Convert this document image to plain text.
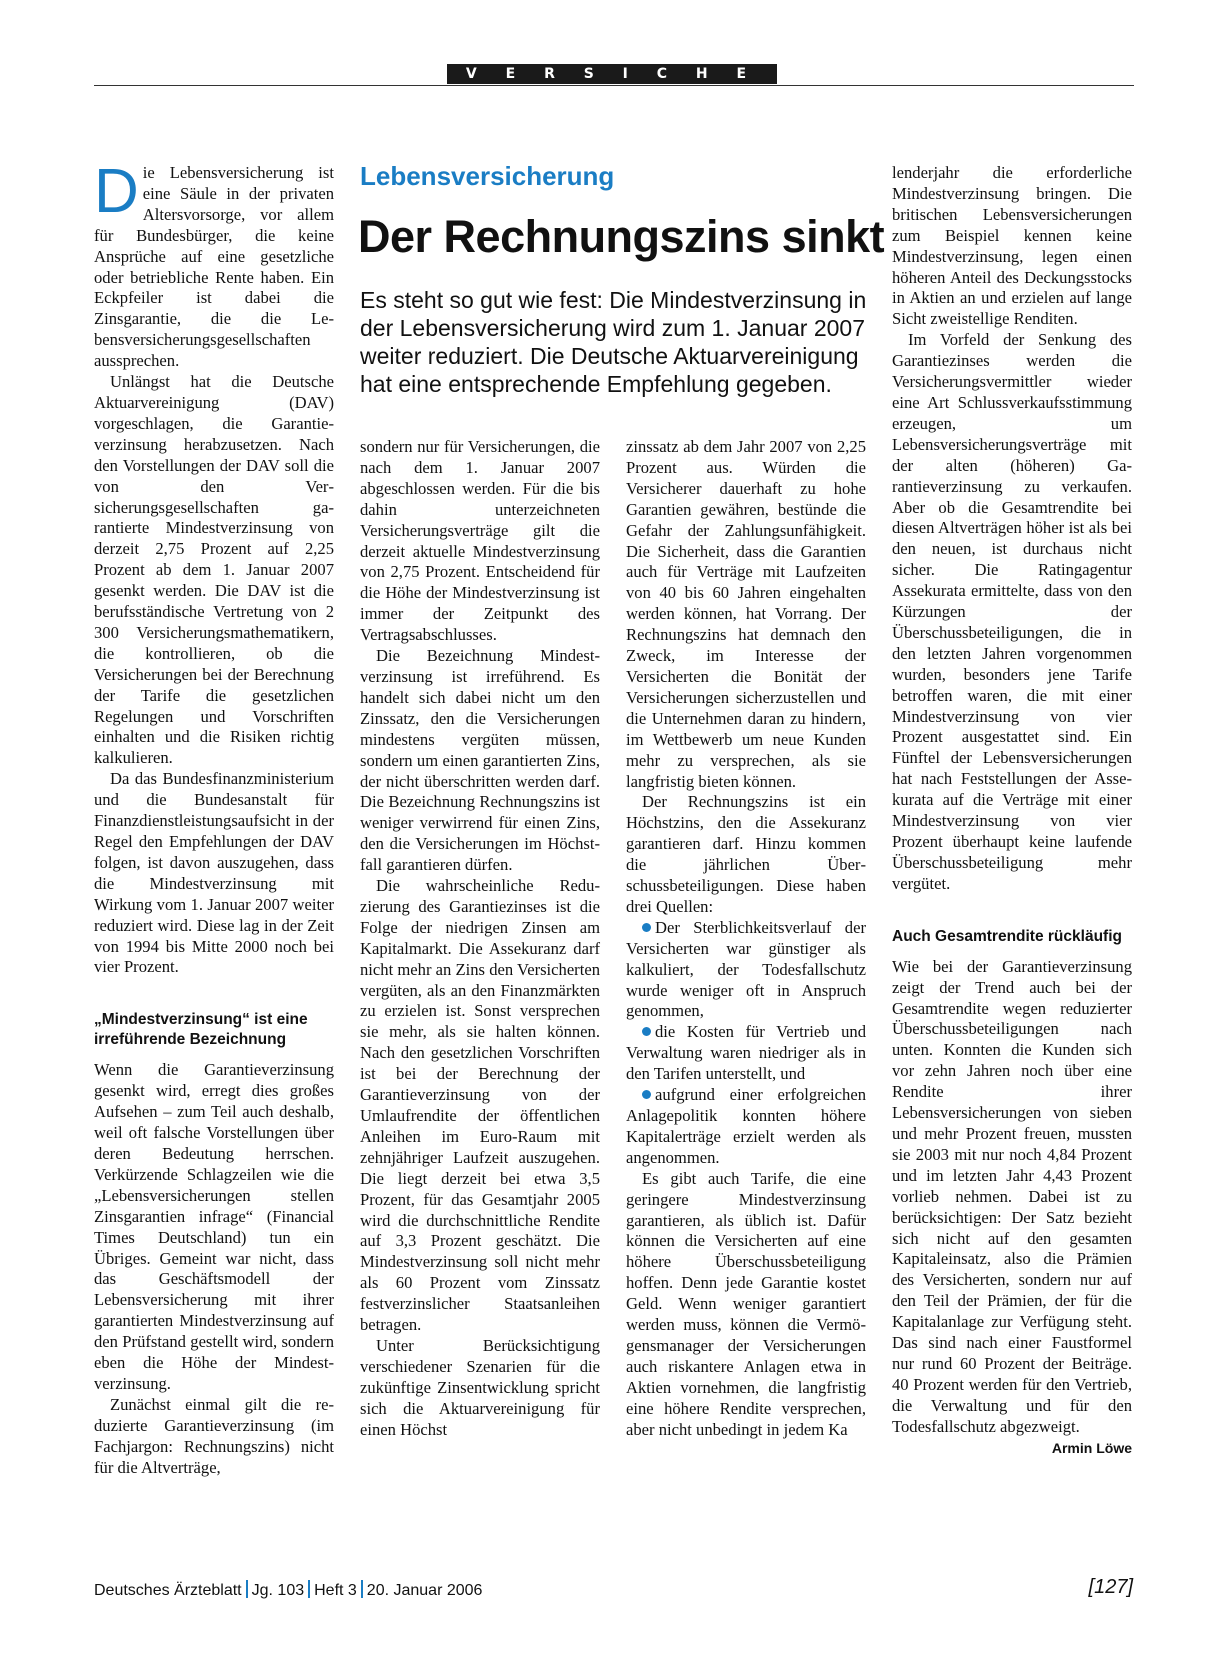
V E R S I C H E R U N G E N
Lebensversicherung
Der Rechnungszins sinkt
Es steht so gut wie fest: Die Mindestverzinsung in der Lebensversicherung wird zum 1. Januar 2007 weiter reduziert. Die Deutsche Aktuarvereinigung hat eine entsprechende Empfehlung gegeben.

Die Lebensversicherung ist eine Säule in der privaten Altersvorsorge, vor allem für Bundesbürger, die keine Ansprüche auf eine gesetzliche oder betriebliche Rente haben. Ein Eckpfeiler ist dabei die Zinsgarantie, die die Lebensversicherungsgesellschaften aussprechen.

Unlängst hat die Deutsche Aktuarvereinigung (DAV) vorgeschlagen, die Garantieverzinsung herabzusetzen. Nach den Vorstellungen der DAV soll die von den Versicherungsgesellschaften garantierte Mindestverzinsung von derzeit 2,75 Prozent auf 2,25 Prozent ab dem 1. Januar 2007 gesenkt werden. Die DAV ist die berufsständische Vertretung von 2 300 Versicherungsmathematikern, die kontrollieren, ob die Versicherungen bei der Berechnung der Tarife die gesetzlichen Regelungen und Vorschriften einhalten und die Risiken richtig kalkulieren.

Da das Bundesfinanzministerium und die Bundesanstalt für Finanzdienstleistungsaufsicht in der Regel den Empfehlungen der DAV folgen, ist davon auszugehen, dass die Mindestverzinsung mit Wirkung vom 1. Januar 2007 weiter reduziert wird. Diese lag in der Zeit von 1994 bis Mitte 2000 noch bei vier Prozent.

„Mindestverzinsung“ ist eine irreführende Bezeichnung

Wenn die Garantieverzinsung gesenkt wird, erregt dies großes Aufsehen – zum Teil auch deshalb, weil oft falsche Vorstellungen über deren Bedeutung herrschen. Verkürzende Schlagzeilen wie die „Lebensversicherungen stellen Zinsgarantien infrage“ (Financial Times Deutschland) tun ein Übriges. Gemeint war nicht, dass das Geschäftsmodell der Lebensversicherung mit ihrer garantierten Mindestverzinsung auf den Prüfstand gestellt wird, sondern eben die Höhe der Mindestverzinsung.

Zunächst einmal gilt die reduzierte Garantieverzinsung (im Fachjargon: Rechnungszins) nicht für die Altverträge,

sondern nur für Versicherungen, die nach dem 1. Januar 2007 abgeschlossen werden. Für die bis dahin unterzeichneten Versicherungsverträge gilt die derzeit aktuelle Mindestverzinsung von 2,75 Prozent. Entscheidend für die Höhe der Mindestverzinsung ist immer der Zeitpunkt des Vertragsabschlusses.

Die Bezeichnung Mindestverzinsung ist irreführend. Es handelt sich dabei nicht um den Zinssatz, den die Versicherungen mindestens vergüten müssen, sondern um einen garantierten Zins, der nicht überschritten werden darf. Die Bezeichnung Rechnungszins ist weniger verwirrend für einen Zins, den die Versicherungen im Höchstfall garantieren dürfen.

Die wahrscheinliche Reduzierung des Garantiezinses ist die Folge der niedrigen Zinsen am Kapitalmarkt. Die Assekuranz darf nicht mehr an Zins den Versicherten vergüten, als an den Finanzmärkten zu erzielen ist. Sonst versprechen sie mehr, als sie halten können. Nach den gesetzlichen Vorschriften ist bei der Berechnung der Garantieverzinsung von der Umlaufrendite der öffentlichen Anleihen im Euro-Raum mit zehnjähriger Laufzeit auszugehen. Die liegt derzeit bei etwa 3,5 Prozent, für das Gesamtjahr 2005 wird die durchschnittliche Rendite auf 3,3 Prozent geschätzt. Die Mindestverzinsung soll nicht mehr als 60 Prozent vom Zinssatz festverzinslicher Staatsanleihen betragen.

Unter Berücksichtigung verschiedener Szenarien für die zukünftige Zinsentwicklung spricht sich die Aktuarvereinigung für einen Höchst

zinssatz ab dem Jahr 2007 von 2,25 Prozent aus. Würden die Versicherer dauerhaft zu hohe Garantien gewähren, bestünde die Gefahr der Zahlungsunfähigkeit. Die Sicherheit, dass die Garantien auch für Verträge mit Laufzeiten von 40 bis 60 Jahren eingehalten werden können, hat Vorrang. Der Rechnungszins hat demnach den Zweck, im Interesse der Versicherten die Bonität der Versicherungen sicherzustellen und die Unternehmen daran zu hindern, im Wettbewerb um neue Kunden mehr zu versprechen, als sie langfristig bieten können.

Der Rechnungszins ist ein Höchstzins, den die Assekuranz garantieren darf. Hinzu kommen die jährlichen Überschussbeteiligungen. Diese haben drei Quellen:

Der Sterblichkeitsverlauf der Versicherten war günstiger als kalkuliert, der Todesfallschutz wurde weniger oft in Anspruch genommen,

die Kosten für Vertrieb und Verwaltung waren niedriger als in den Tarifen unterstellt, und

aufgrund einer erfolgreichen Anlagepolitik konnten höhere Kapitalerträge erzielt werden als angenommen.

Es gibt auch Tarife, die eine geringere Mindestverzinsung garantieren, als üblich ist. Dafür können die Versicherten auf eine höhere Überschussbeteiligung hoffen. Denn jede Garantie kostet Geld. Wenn weniger garantiert werden muss, können die Vermögensmanager der Versicherungen auch riskantere Anlagen etwa in Aktien vornehmen, die langfristig eine höhere Rendite versprechen, aber nicht unbedingt in jedem Ka

lenderjahr die erforderliche Mindestverzinsung bringen. Die britischen Lebensversicherungen zum Beispiel kennen keine Mindestverzinsung, legen einen höheren Anteil des Deckungsstocks in Aktien an und erzielen auf lange Sicht zweistellige Renditen.

Im Vorfeld der Senkung des Garantiezinses werden die Versicherungsvermittler wieder eine Art Schlussverkaufsstimmung erzeugen, um Lebensversicherungsverträge mit der alten (höheren) Garantieverzinsung zu verkaufen. Aber ob die Gesamtrendite bei diesen Altverträgen höher ist als bei den neuen, ist durchaus nicht sicher. Die Ratingagentur Assekurata ermittelte, dass von den Kürzungen der Überschussbeteiligungen, die in den letzten Jahren vorgenommen wurden, besonders jene Tarife betroffen waren, die mit einer Mindestverzinsung von vier Prozent ausgestattet sind. Ein Fünftel der Lebensversicherungen hat nach Feststellungen der Assekurata auf die Verträge mit einer Mindestverzinsung von vier Prozent überhaupt keine laufende Überschussbeteiligung mehr vergütet.

Auch Gesamtrendite rückläufig

Wie bei der Garantieverzinsung zeigt der Trend auch bei der Gesamtrendite wegen reduzierter Überschussbeteiligungen nach unten. Konnten die Kunden sich vor zehn Jahren noch über eine Rendite ihrer Lebensversicherungen von sieben und mehr Prozent freuen, mussten sie 2003 mit nur noch 4,84 Prozent und im letzten Jahr 4,43 Prozent vorlieb nehmen. Dabei ist zu berücksichtigen: Der Satz bezieht sich nicht auf den gesamten Kapitaleinsatz, also die Prämien des Versicherten, sondern nur auf den Teil der Prämien, der für die Kapitalanlage zur Verfügung steht. Das sind nach einer Faustformel nur rund 60 Prozent der Beiträge. 40 Prozent werden für den Vertrieb, die Verwaltung und für den Todesfallschutz abgezweigt.
Armin Löwe

Deutsches Ärzteblatt Jg. 103 Heft 3 20. Januar 2006	[127]
